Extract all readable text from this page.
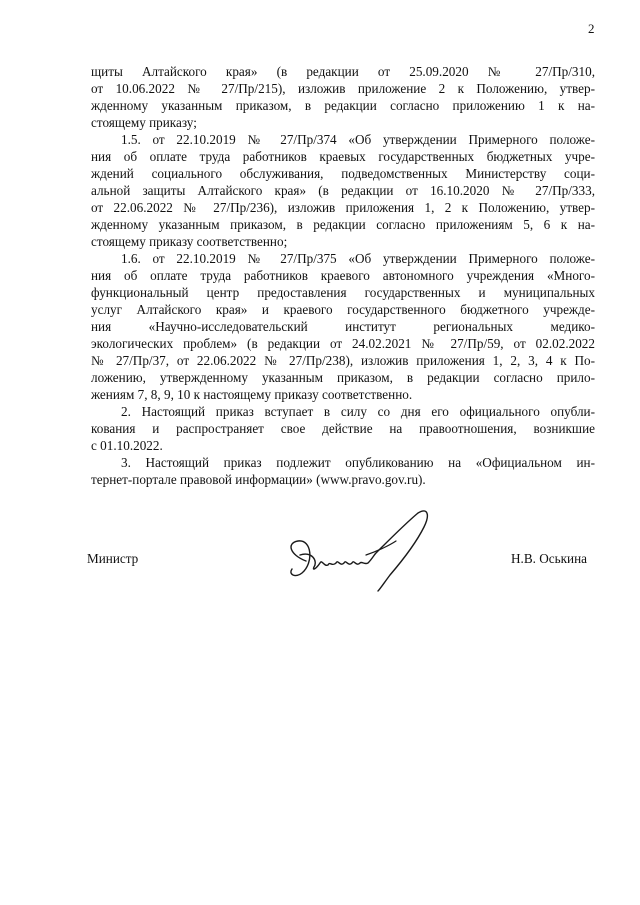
2

щиты Алтайского края» (в редакции от 25.09.2020 № 27/Пр/310,

от 10.06.2022 № 27/Пр/215), изложив приложение 2 к Положению, утвер-

жденному указанным приказом, в редакции согласно приложению 1 к на-

стоящему приказу;

1.5. от 22.10.2019 № 27/Пр/374 «Об утверждении Примерного положе-

ния об оплате труда работников краевых государственных бюджетных учре-

ждений социального обслуживания, подведомственных Министерству соци-

альной защиты Алтайского края» (в редакции от 16.10.2020 № 27/Пр/333,

от 22.06.2022 № 27/Пр/236), изложив приложения 1, 2 к Положению, утвер-

жденному указанным приказом, в редакции согласно приложениям 5, 6 к на-

стоящему приказу соответственно;

1.6. от 22.10.2019 № 27/Пр/375 «Об утверждении Примерного положе-

ния об оплате труда работников краевого автономного учреждения «Много-

функциональный центр предоставления государственных и муниципальных

услуг Алтайского края» и краевого государственного бюджетного учрежде-

ния «Научно-исследовательский институт региональных медико-

экологических проблем» (в редакции от 24.02.2021 № 27/Пр/59, от 02.02.2022

№ 27/Пр/37, от 22.06.2022 № 27/Пр/238), изложив приложения 1, 2, 3, 4 к По-

ложению, утвержденному указанным приказом, в редакции согласно прило-

жениям 7, 8, 9, 10 к настоящему приказу соответственно.

2. Настоящий приказ вступает в силу со дня его официального опубли-

кования и распространяет свое действие на правоотношения, возникшие

с 01.10.2022.

3. Настоящий приказ подлежит опубликованию на «Официальном ин-

тернет-портале правовой информации» (www.pravo.gov.ru).

Министр	Н.В. Оськина
